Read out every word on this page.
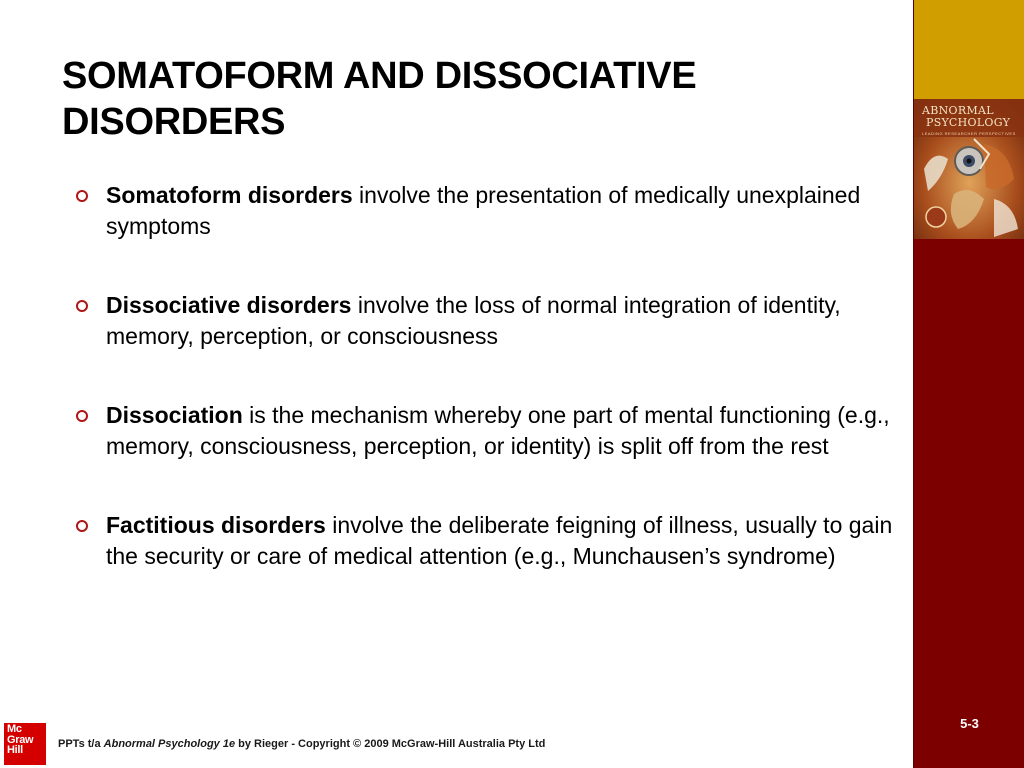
SOMATOFORM AND DISSOCIATIVE DISORDERS
Somatoform disorders involve the presentation of medically unexplained symptoms
Dissociative disorders involve the loss of normal integration of identity, memory, perception, or consciousness
Dissociation is the mechanism whereby one part of mental functioning (e.g., memory, consciousness, perception, or identity) is split off from the rest
Factitious disorders involve the deliberate feigning of illness, usually to gain the security or care of medical attention (e.g., Munchausen’s syndrome)
ABNORMAL
PSYCHOLOGY
LEADING RESEARCHER PERSPECTIVES
5-3
Mc
Graw
Hill	PPTs t/a Abnormal Psychology 1e by Rieger - Copyright © 2009 McGraw-Hill Australia Pty Ltd
